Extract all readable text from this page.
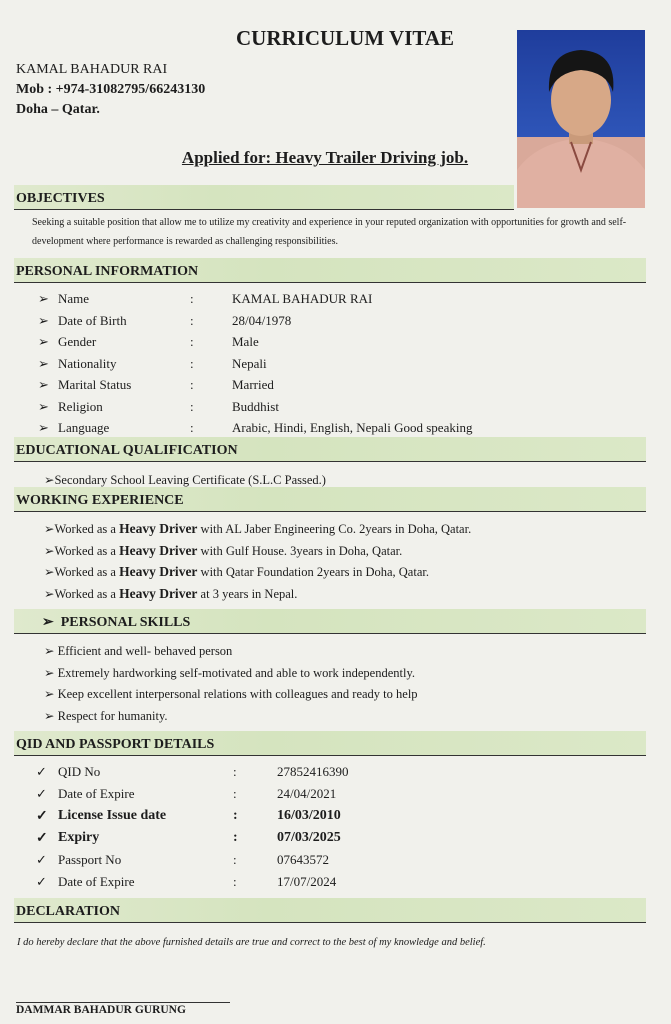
CURRICULUM VITAE
KAMAL BAHADUR RAI
Mob : +974-31082795/66243130
Doha – Qatar.
Applied for: Heavy Trailer Driving job.
OBJECTIVES
Seeking a suitable position that allow me to utilize my creativity and experience in your reputed organization with opportunities for growth and self-development where performance is rewarded as challenging responsibilities.
PERSONAL INFORMATION
➢ Name	:	KAMAL BAHADUR RAI
➢ Date of Birth	:	28/04/1978
➢ Gender	:	Male
➢ Nationality	:	Nepali
➢ Marital Status	:	Married
➢ Religion	:	Buddhist
➢ Language	:	Arabic, Hindi, English, Nepali Good speaking
EDUCATIONAL QUALIFICATION
➢Secondary School Leaving Certificate (S.L.C Passed.)
WORKING EXPERIENCE
➢Worked as a Heavy Driver with AL Jaber Engineering Co. 2years in Doha, Qatar.
➢Worked as a Heavy Driver with Gulf House. 3years in Doha, Qatar.
➢Worked as a Heavy Driver with Qatar Foundation 2years in Doha, Qatar.
➢Worked as a Heavy Driver at 3 years in Nepal.
➢ PERSONAL SKILLS
➢ Efficient and well- behaved person
➢ Extremely hardworking self-motivated and able to work independently.
➢ Keep excellent interpersonal relations with colleagues and ready to help
➢ Respect for humanity.
QID AND PASSPORT DETAILS
✓ QID No	:	27852416390
✓ Date of Expire	:	24/04/2021
✓ License Issue date	:	16/03/2010
✓ Expiry	:	07/03/2025
✓ Passport No	:	07643572
✓ Date of Expire	:	17/07/2024
DECLARATION
I do hereby declare that the above furnished details are true and correct to the best of my knowledge and belief.
DAMMAR BAHADUR GURUNG
